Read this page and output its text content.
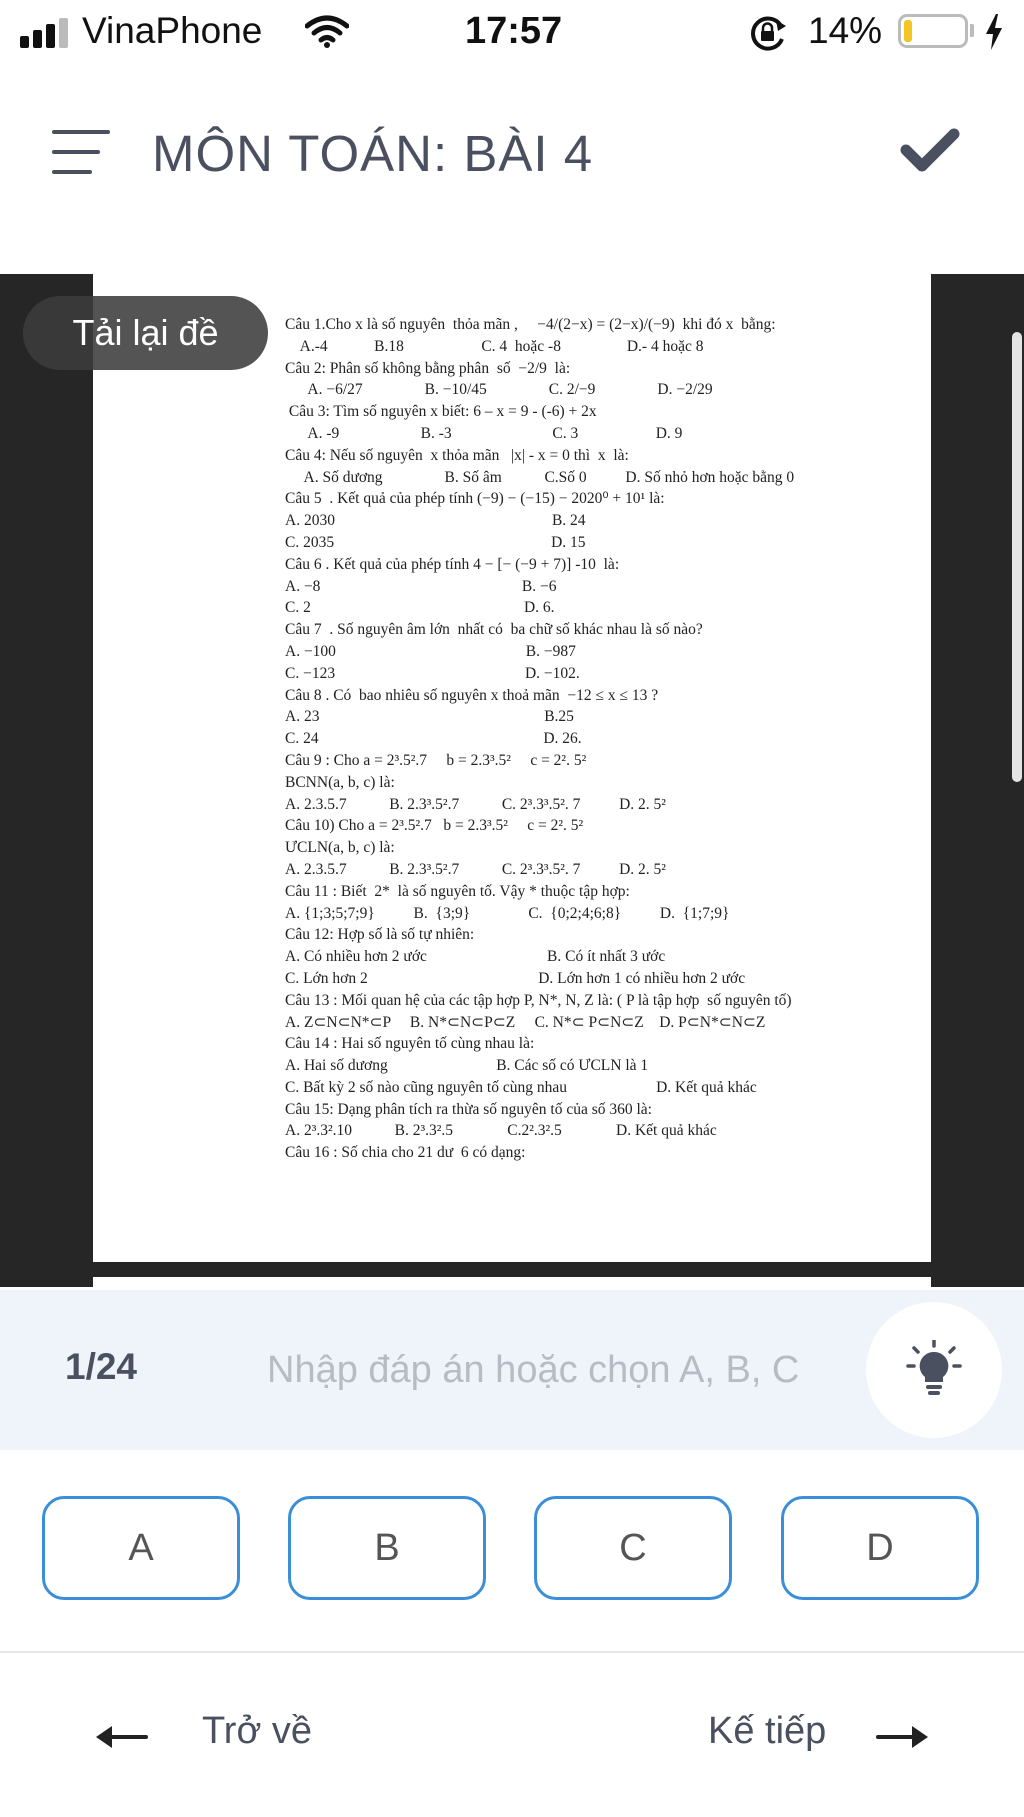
VinaPhone	17:57	14%
MÔN TOÁN: BÀI 4
Câu 1.Cho x là số nguyên  thỏa mãn ,     −4/(2−x) = (2−x)/(−9)  khi đó x  bằng:
A.-4            B.18                    C. 4  hoặc -8                 D.- 4 hoặc 8
Câu 2: Phân số không bằng phân  số  −2/9  là:
A. −6/27                B. −10/45                C. 2/−9                D. −2/29
Câu 3: Tìm số nguyên x biết: 6 – x = 9 - (-6) + 2x
A. -9                     B. -3                          C. 3                    D. 9
Câu 4: Nếu số nguyên  x thỏa mãn   |x| - x = 0 thì  x  là:
A. Số dương                B. Số âm           C.Số 0          D. Số nhỏ hơn hoặc bằng 0
Câu 5  . Kết quả của phép tính (−9) − (−15) − 2020⁰ + 10¹ là:
A. 2030                                                        B. 24
C. 2035                                                        D. 15
Câu 6 . Kết quả của phép tính 4 − [− (−9 + 7)] -10  là:
A. −8                                                    B. −6
C. 2                                                       D. 6.
Câu 7  . Số nguyên âm lớn  nhất có  ba chữ số khác nhau là số nào?
A. −100                                                 B. −987
C. −123                                                 D. −102.
Câu 8 . Có  bao nhiêu số nguyên x thoả mãn  −12 ≤ x ≤ 13 ?
A. 23                                                          B.25
C. 24                                                          D. 26.
Câu 9 : Cho a = 2³.5².7     b = 2.3³.5²     c = 2². 5²
BCNN(a, b, c) là:
A. 2.3.5.7           B. 2.3³.5².7           C. 2³.3³.5². 7          D. 2. 5²
Câu 10) Cho a = 2³.5².7   b = 2.3³.5²     c = 2². 5²
ƯCLN(a, b, c) là:
A. 2.3.5.7           B. 2.3³.5².7           C. 2³.3³.5². 7          D. 2. 5²
Câu 11 : Biết  2*  là số nguyên tố. Vậy * thuộc tập hợp:
A. {1;3;5;7;9}          B.  {3;9}               C.  {0;2;4;6;8}          D.  {1;7;9}
Câu 12: Hợp số là số tự nhiên:
A. Có nhiều hơn 2 ước                               B. Có ít nhất 3 ước
C. Lớn hơn 2                                            D. Lớn hơn 1 có nhiều hơn 2 ước
Câu 13 : Mối quan hệ của các tập hợp P, N*, N, Z là: ( P là tập hợp  số nguyên tố)
A. Z⊂N⊂N*⊂P     B. N*⊂N⊂P⊂Z     C. N*⊂ P⊂N⊂Z    D. P⊂N*⊂N⊂Z
Câu 14 : Hai số nguyên tố cùng nhau là:
A. Hai số dương                            B. Các số có ƯCLN là 1
C. Bất kỳ 2 số nào cũng nguyên tố cùng nhau                       D. Kết quả khác
Câu 15: Dạng phân tích ra thừa số nguyên tố của số 360 là:
A. 2³.3².10           B. 2³.3².5              C.2².3².5              D. Kết quả khác
Câu 16 : Số chia cho 21 dư  6 có dạng:
Tải lại đề
1/24
Nhập đáp án hoặc chọn A, B, C
A	B	C	D
Trở về	Kế tiếp
